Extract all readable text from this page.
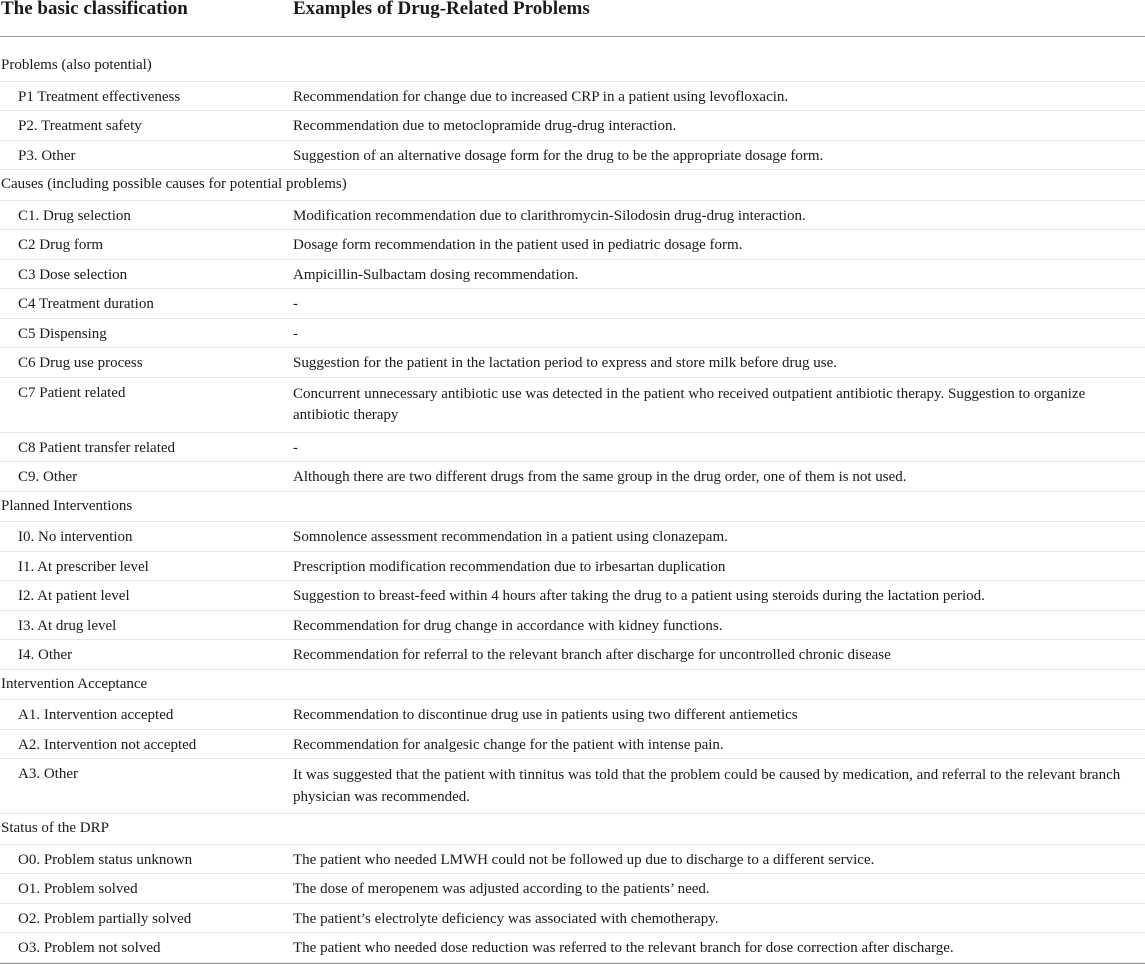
The basic classification	Examples of Drug-Related Problems
Problems (also potential)
P1 Treatment effectiveness	Recommendation for change due to increased CRP in a patient using levofloxacin.
P2. Treatment safety	Recommendation due to metoclopramide drug-drug interaction.
P3. Other	Suggestion of an alternative dosage form for the drug to be the appropriate dosage form.
Causes (including possible causes for potential problems)
C1. Drug selection	Modification recommendation due to clarithromycin-Silodosin drug-drug interaction.
C2 Drug form	Dosage form recommendation in the patient used in pediatric dosage form.
C3 Dose selection	Ampicillin-Sulbactam dosing recommendation.
C4 Treatment duration	-
C5 Dispensing	-
C6 Drug use process	Suggestion for the patient in the lactation period to express and store milk before drug use.
C7 Patient related	Concurrent unnecessary antibiotic use was detected in the patient who received outpatient antibiotic therapy. Suggestion to organize antibiotic therapy
C8 Patient transfer related	-
C9. Other	Although there are two different drugs from the same group in the drug order, one of them is not used.
Planned Interventions
I0. No intervention	Somnolence assessment recommendation in a patient using clonazepam.
I1. At prescriber level	Prescription modification recommendation due to irbesartan duplication
I2. At patient level	Suggestion to breast-feed within 4 hours after taking the drug to a patient using steroids during the lactation period.
I3. At drug level	Recommendation for drug change in accordance with kidney functions.
I4. Other	Recommendation for referral to the relevant branch after discharge for uncontrolled chronic disease
Intervention Acceptance
A1. Intervention accepted	Recommendation to discontinue drug use in patients using two different antiemetics
A2. Intervention not accepted	Recommendation for analgesic change for the patient with intense pain.
A3. Other	It was suggested that the patient with tinnitus was told that the problem could be caused by medication, and referral to the relevant branch physician was recommended.
Status of the DRP
O0. Problem status unknown	The patient who needed LMWH could not be followed up due to discharge to a different service.
O1. Problem solved	The dose of meropenem was adjusted according to the patients’ need.
O2. Problem partially solved	The patient’s electrolyte deficiency was associated with chemotherapy.
O3. Problem not solved	The patient who needed dose reduction was referred to the relevant branch for dose correction after discharge.
